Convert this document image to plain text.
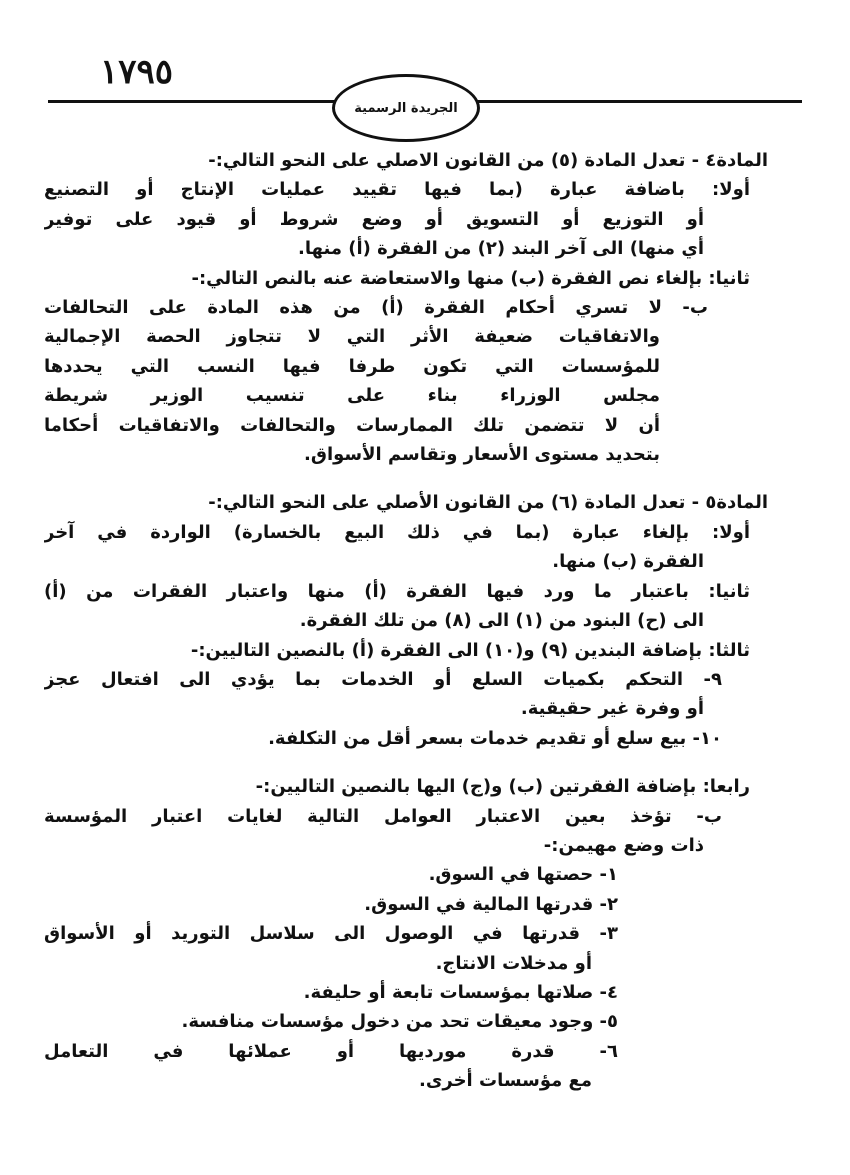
١٧٩٥
الجريدة الرسمية
المادة٤ - تعدل المادة (٥) من القانون الاصلي على النحو التالي:-
أولا: باضافة عبارة (بما فيها تقييد عمليات الإنتاج أو التصنيع
أو التوزيع أو التسويق أو وضع شروط أو قيود على توفير
أي منها) الى آخر البند (٢) من الفقرة (أ) منها.
ثانيا: بإلغاء نص الفقرة (ب) منها والاستعاضة عنه بالنص التالي:-
ب- لا تسري أحكام الفقرة (أ) من هذه المادة على التحالفات
والاتفاقيات ضعيفة الأثر التي لا تتجاوز الحصة الإجمالية
للمؤسسات التي تكون طرفا فيها النسب التي يحددها
مجلس الوزراء بناء على تنسيب الوزير شريطة
أن لا تتضمن تلك الممارسات والتحالفات والاتفاقيات أحكاما
بتحديد مستوى الأسعار وتقاسم الأسواق.
المادة٥ - تعدل المادة (٦) من القانون الأصلي على النحو التالي:-
أولا: بإلغاء عبارة (بما في ذلك البيع بالخسارة) الواردة في آخر
الفقرة (ب) منها.
ثانيا: باعتبار ما ورد فيها الفقرة (أ) منها واعتبار الفقرات من (أ)
الى (ح) البنود من (١) الى (٨) من تلك الفقرة.
ثالثا: بإضافة البندين (٩) و(١٠) الى الفقرة (أ) بالنصين التاليين:-
٩- التحكم بكميات السلع أو الخدمات بما يؤدي الى افتعال عجز
أو وفرة غير حقيقية.
١٠- بيع سلع أو تقديم خدمات بسعر أقل من التكلفة.
رابعا: بإضافة الفقرتين (ب) و(ج) اليها بالنصين التاليين:-
ب- تؤخذ بعين الاعتبار العوامل التالية لغايات اعتبار المؤسسة
ذات وضع مهيمن:-
١- حصتها في السوق.
٢- قدرتها المالية في السوق.
٣- قدرتها في الوصول الى سلاسل التوريد أو الأسواق
أو مدخلات الانتاج.
٤- صلاتها بمؤسسات تابعة أو حليفة.
٥- وجود معيقات تحد من دخول مؤسسات منافسة.
٦- قدرة مورديها أو عملائها في التعامل
مع مؤسسات أخرى.
